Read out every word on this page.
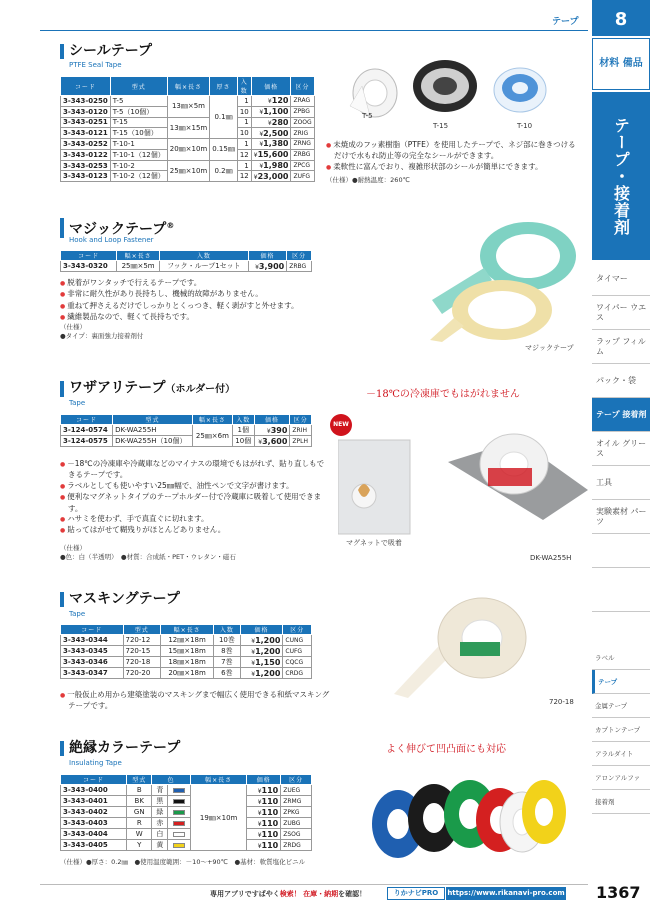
テープ	8
材料 備品
テープ・接着剤
タイマー
ワイパー ウエス
ラップ フィルム
パック・袋
テープ 接着剤
オイル グリース
工具
実験素材 パーツ
ラベル
テープ
金属テープ
カプトンテープ
アラルダイト
アロンアルファ
接着剤
シールテープ
PTFE Seal Tape
コード	型式	幅×長さ	厚さ	入数	価格	区分
3-343-0250	T-5	13㎜×5m	0.1㎜	1	¥120	ZRAG
3-343-0120	T-5（10個）			10	¥1,100	ZPBG
3-343-0251	T-15	13㎜×15m		1	¥280	ZOOG
3-343-0121	T-15（10個）			10	¥2,500	ZRIG
3-343-0252	T-10-1	20㎜×10m	0.15㎜	1	¥1,380	ZRNG
3-343-0122	T-10-1（12個）			12	¥15,600	ZRBG
3-343-0253	T-10-2	25㎜×10m	0.2㎜	1	¥1,980	ZPCG
3-343-0123	T-10-2（12個）			12	¥23,000	ZUFG
T-5
T-15	T-10
● 未焼成のフッ素樹脂（PTFE）を使用したテープで、ネジ部に巻きつけるだけで水もれ防止等の完全なシールができます。
● 柔軟性に富んでおり、複雑形状部のシールが簡単にできます。
（仕様）●耐熱温度：260℃
マジックテープ®
Hook and Loop Fastener
コード	幅×長さ	入数	価格	区分
3-343-0320	25㎜×5m	フック・ループ1セット	¥3,900	ZRBG
● 脱着がワンタッチで行えるテープです。
● 非常に耐久性があり長持ちし、機械的故障がありません。
● 重ねて押さえるだけでしっかりとくっつき、軽く剥がすと外せます。
● 繊維製品なので、軽くて長持ちです。
（仕様）
●タイプ：裏面強力接着剤付
マジックテープ
ワザアリテープ（ホルダー付）
Tape
－18℃の冷凍庫でもはがれません
コード	型式	幅×長さ	入数	価格	区分
3-124-0574	DK-WA255H	25㎜×6m	1個	¥390	ZRIH
3-124-0575	DK-WA255H（10個）		10個	¥3,600	ZPLH
● －18℃の冷凍庫や冷蔵庫などのマイナスの環境でもはがれず、貼り直しもできるテープです。
● ラベルとしても使いやすい25㎜幅で、油性ペンで文字が書けます。
● 便利なマグネットタイプのテープホルダー付で冷蔵庫に吸着して使用できます。
● ハサミを使わず、手で真直ぐに切れます。
● 貼ってはがせて糊残りがほとんどありません。
（仕様）
●色：白（半透明）　●材質：合成紙・PET・ウレタン・磁石
NEW
マグネットで吸着
DK-WA255H
マスキングテープ
Tape
コード	型式	幅×長さ	入数	価格	区分
3-343-0344	720-12	12㎜×18m	10巻	¥1,200	CUNG
3-343-0345	720-15	15㎜×18m	8巻	¥1,200	CUFG
3-343-0346	720-18	18㎜×18m	7巻	¥1,150	CQCG
3-343-0347	720-20	20㎜×18m	6巻	¥1,200	CRDG
● 一般仮止め用から建築塗装のマスキングまで幅広く使用できる和紙マスキングテープです。	720-18
絶縁カラーテープ
Insulating Tape
よく伸びて凹凸面にも対応
コード	型式	色		幅×長さ	価格	区分
3-343-0400	B	青		19㎜×10m	¥110	ZUEG
3-343-0401	BK	黒			¥110	ZRMG
3-343-0402	GN	緑			¥110	ZPKG
3-343-0403	R	赤			¥110	ZUBG
3-343-0404	W	白			¥110	ZSOG
3-343-0405	Y	黄			¥110	ZRDG
（仕様）●厚さ：0.2㎜　●使用温度範囲：－10～+90℃　●基材：軟質塩化ビニル
専用アプリですばやく検索！ 在庫・納期を確認！	りかナビPRO	https://www.rikanavi-pro.com 1367
